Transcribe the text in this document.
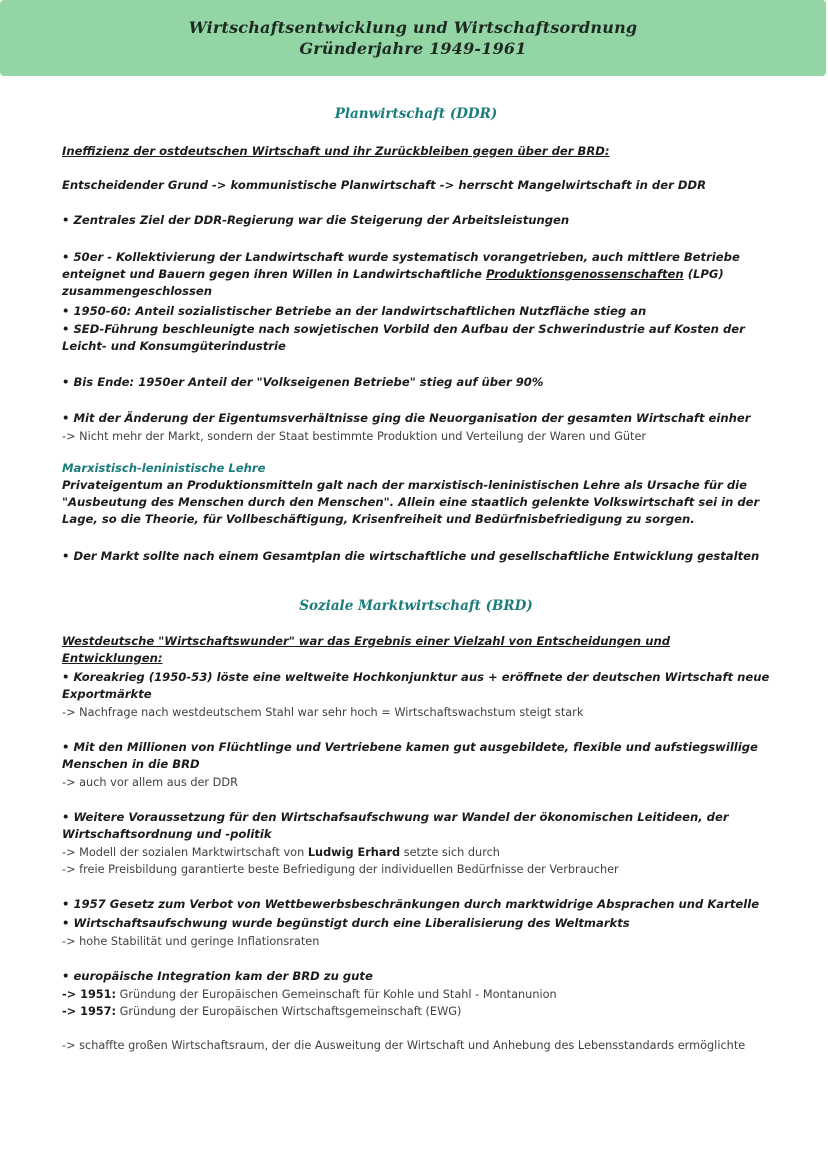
Wirtschaftsentwicklung und Wirtschaftsordnung
Gründerjahre 1949-1961
Planwirtschaft (DDR)
Ineffizienz der ostdeutschen Wirtschaft und ihr Zurückbleiben gegen über der BRD:
Entscheidender Grund -> kommunistische Planwirtschaft -> herrscht Mangelwirtschaft in der DDR
• Zentrales Ziel der DDR-Regierung war die Steigerung der Arbeitsleistungen
• 50er - Kollektivierung der Landwirtschaft wurde systematisch vorangetrieben, auch mittlere Betriebe enteignet und Bauern gegen ihren Willen in Landwirtschaftliche Produktionsgenossenschaften (LPG) zusammengeschlossen
• 1950-60: Anteil sozialistischer Betriebe an der landwirtschaftlichen Nutzfläche stieg an
• SED-Führung beschleunigte nach sowjetischen Vorbild den Aufbau der Schwerindustrie auf Kosten der Leicht- und Konsumgüterindustrie
• Bis Ende: 1950er Anteil der "Volkseigenen Betriebe" stieg auf über 90%
• Mit der Änderung der Eigentumsverhältnisse ging die Neuorganisation der gesamten Wirtschaft einher
-> Nicht mehr der Markt, sondern der Staat bestimmte Produktion und Verteilung der Waren und Güter
Marxistisch-leninistische Lehre
Privateigentum an Produktionsmitteln galt nach der marxistisch-leninistischen Lehre als Ursache für die "Ausbeutung des Menschen durch den Menschen". Allein eine staatlich gelenkte Volkswirtschaft sei in der Lage, so die Theorie, für Vollbeschäftigung, Krisenfreiheit und Bedürfnisbefriedigung zu sorgen.
• Der Markt sollte nach einem Gesamtplan die wirtschaftliche und gesellschaftliche Entwicklung gestalten
Soziale Marktwirtschaft (BRD)
Westdeutsche "Wirtschaftswunder" war das Ergebnis einer Vielzahl von Entscheidungen und Entwicklungen:
• Koreakrieg (1950-53) löste eine weltweite Hochkonjunktur aus + eröffnete der deutschen Wirtschaft neue Exportmärkte
-> Nachfrage nach westdeutschem Stahl war sehr hoch = Wirtschaftswachstum steigt stark
• Mit den Millionen von Flüchtlinge und Vertriebene kamen gut ausgebildete, flexible und aufstiegswillige Menschen in die BRD
-> auch vor allem aus der DDR
• Weitere Voraussetzung für den Wirtschafsaufschwung war Wandel der ökonomischen Leitideen, der Wirtschaftsordnung und -politik
-> Modell der sozialen Marktwirtschaft von Ludwig Erhard setzte sich durch
-> freie Preisbildung garantierte beste Befriedigung der individuellen Bedürfnisse der Verbraucher
• 1957 Gesetz zum Verbot von Wettbewerbsbeschränkungen durch marktwidrige Absprachen und Kartelle
• Wirtschaftsaufschwung wurde begünstigt durch eine Liberalisierung des Weltmarkts
-> hohe Stabilität und geringe Inflationsraten
• europäische Integration kam der BRD zu gute
-> 1951: Gründung der Europäischen Gemeinschaft für Kohle und Stahl - Montanunion
-> 1957: Gründung der Europäischen Wirtschaftsgemeinschaft (EWG)
-> schaffte großen Wirtschaftsraum, der die Ausweitung der Wirtschaft und Anhebung des Lebensstandards ermöglichte
